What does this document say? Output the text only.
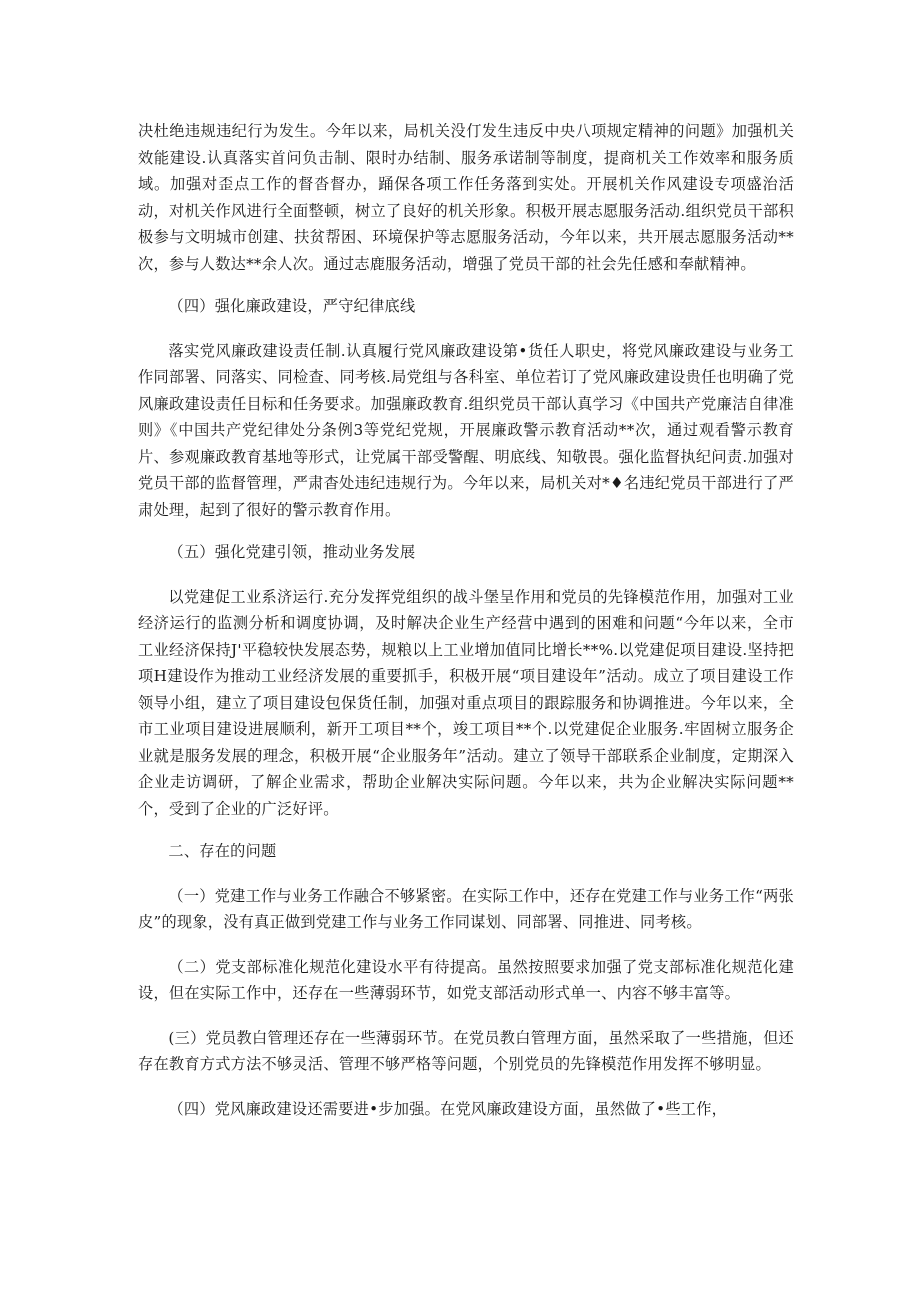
决杜绝违规违纪行为发生。今年以来，局机关没仃发生违反中央八项规定精神的问题》加强机关效能建设.认真落实首问负击制、限时办结制、服务承诺制等制度，提商机关工作效率和服务质域。加强对歪点工作的督沓督办，踊保各项工作任务落到实处。开展机关作风建设专项盛治活动，对机关作风进行全面整顿，树立了良好的机关形象。积极开展志愿服务活动.组织党员干部积极参与文明城市创建、扶贫帮困、环境保护等志愿服务活动，今年以来，共开展志愿服务活动**次，参与人数达**余人次。通过志鹿服务活动，增强了党员干部的社会先任感和奉献精神。

（四）强化廉政建设，严守纪律底线

落实党风廉政建设责任制.认真履行党风廉政建设第•货任人职史，将党风廉政建设与业务工作同部署、同落实、同检查、同考核.局党组与各科室、单位若订了党风廉政建设贵任也明确了党风廉政建设责任目标和任务要求。加强廉政教育.组织党员干部认真学习《中国共产党廉洁自律准则》《中国共产党纪律处分条例3等党纪党规，开展廉政警示教育活动**次，通过观看警示教育片、参观廉政教育基地等形式，让党属干部受警醒、明底线、知敬畏。强化监督执纪问责.加强对党员干部的监督管理，严肃杳处违纪违规行为。今年以来，局机关对*♦名违纪党员干部进行了严肃处理，起到了很好的警示教育作用。

（五）强化党建引领，推动业务发展

以党建促工业系济运行.充分发挥党组织的战斗堡呈作用和党员的先锋模范作用，加强对工业经济运行的监测分析和调度协调，及时解决企业生产经营中遇到的困难和问题“今年以来，全市工业经济保持J'平稳较快发展态势，规粮以上工业增加值同比增长**%.以党建促项目建设.坚持把项H建设作为推动工业经济发展的重要抓手，积极开展“项目建设年”活动。成立了项目建设工作领导小组，建立了项目建设包保货任制，加强对重点项目的跟踪服务和协调推进。今年以来，全市工业项目建设进展顺利，新开工项目**个，竣工项目**个.以党建促企业服务.牢固树立服务企业就是服务发展的理念，积极开展“企业服务年”活动。建立了领导干部联系企业制度，定期深入企业走访调研，了解企业需求，帮助企业解决实际问题。今年以来，共为企业解决实际问题**个，受到了企业的广泛好评。

二、存在的问题

（一）党建工作与业务工作融合不够紧密。在实际工作中，还存在党建工作与业务工作“两张皮”的现象，没有真正做到党建工作与业务工作同谋划、同部署、同推进、同考核。

（二）党支部标准化规范化建设水平有待提高。虽然按照要求加强了党支部标准化规范化建设，但在实际工作中，还存在一些薄弱环节，如党支部活动形式单一、内容不够丰富等。

(三）党员教白管理还存在一些薄弱环节。在党员教白管理方面，虽然采取了一些措施，但还存在教育方式方法不够灵活、管理不够严格等问题，个别党员的先锋模范作用发挥不够明显。

（四）党风廉政建设还需要进•步加强。在党风廉政建设方面，虽然做了•些工作，
